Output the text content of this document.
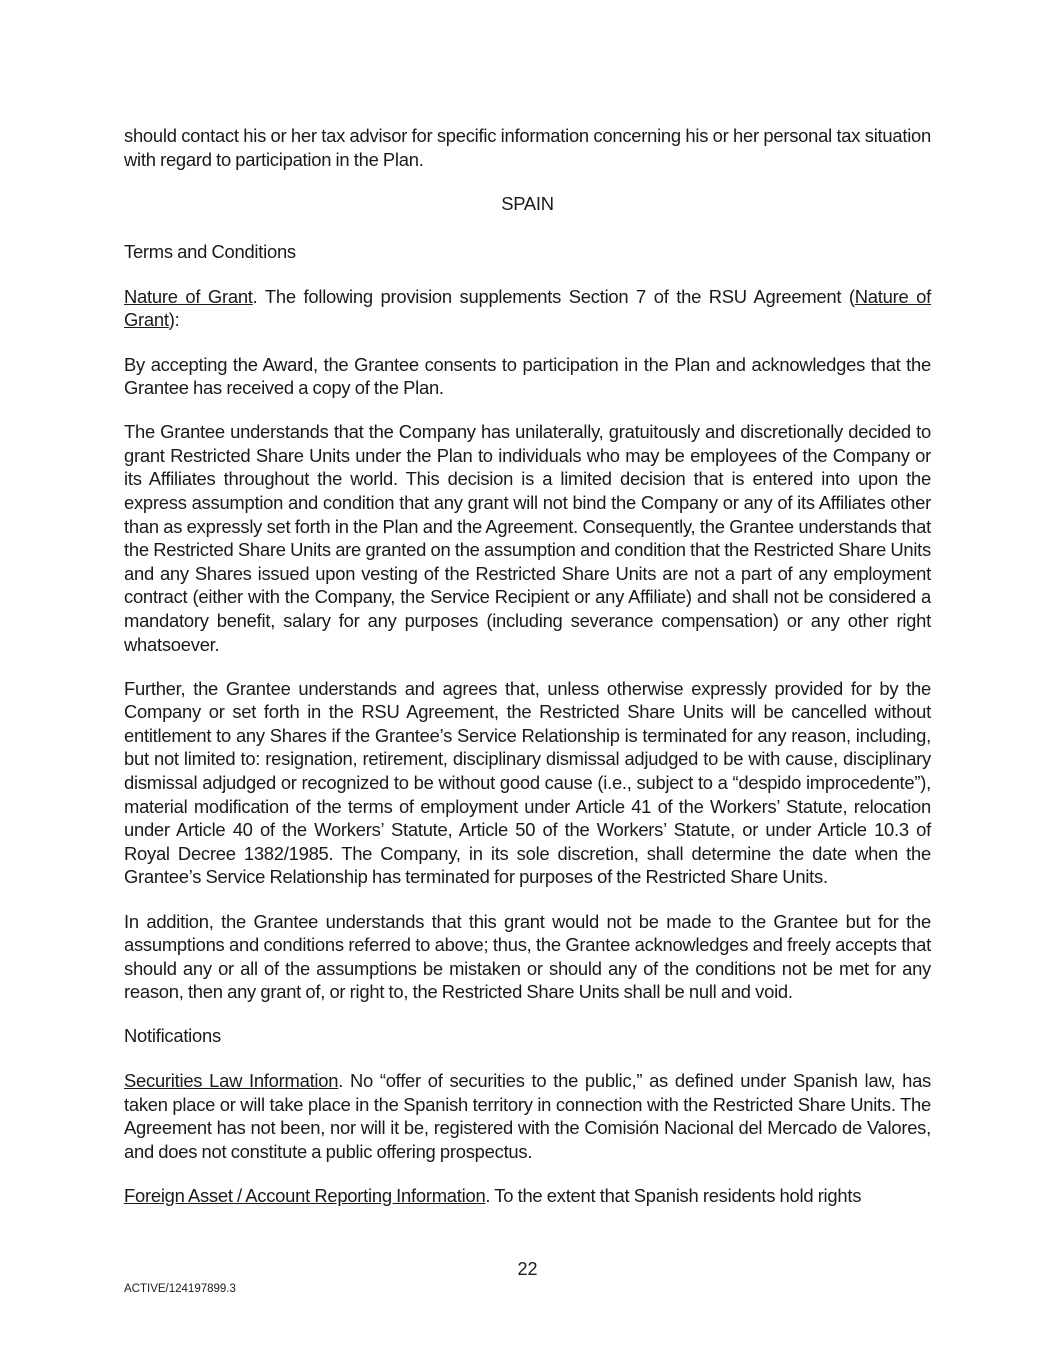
should contact his or her tax advisor for specific information concerning his or her personal tax situation with regard to participation in the Plan.

SPAIN

Terms and Conditions

Nature of Grant. The following provision supplements Section 7 of the RSU Agreement (Nature of Grant):

By accepting the Award, the Grantee consents to participation in the Plan and acknowledges that the Grantee has received a copy of the Plan.

The Grantee understands that the Company has unilaterally, gratuitously and discretionally decided to grant Restricted Share Units under the Plan to individuals who may be employees of the Company or its Affiliates throughout the world. This decision is a limited decision that is entered into upon the express assumption and condition that any grant will not bind the Company or any of its Affiliates other than as expressly set forth in the Plan and the Agreement. Consequently, the Grantee understands that the Restricted Share Units are granted on the assumption and condition that the Restricted Share Units and any Shares issued upon vesting of the Restricted Share Units are not a part of any employment contract (either with the Company, the Service Recipient or any Affiliate) and shall not be considered a mandatory benefit, salary for any purposes (including severance compensation) or any other right whatsoever.

Further, the Grantee understands and agrees that, unless otherwise expressly provided for by the Company or set forth in the RSU Agreement, the Restricted Share Units will be cancelled without entitlement to any Shares if the Grantee’s Service Relationship is terminated for any reason, including, but not limited to: resignation, retirement, disciplinary dismissal adjudged to be with cause, disciplinary dismissal adjudged or recognized to be without good cause (i.e., subject to a “despido improcedente”), material modification of the terms of employment under Article 41 of the Workers’ Statute, relocation under Article 40 of the Workers’ Statute, Article 50 of the Workers’ Statute, or under Article 10.3 of Royal Decree 1382/1985. The Company, in its sole discretion, shall determine the date when the Grantee’s Service Relationship has terminated for purposes of the Restricted Share Units.

In addition, the Grantee understands that this grant would not be made to the Grantee but for the assumptions and conditions referred to above; thus, the Grantee acknowledges and freely accepts that should any or all of the assumptions be mistaken or should any of the conditions not be met for any reason, then any grant of, or right to, the Restricted Share Units shall be null and void.

Notifications

Securities Law Information. No “offer of securities to the public,” as defined under Spanish law, has taken place or will take place in the Spanish territory in connection with the Restricted Share Units. The Agreement has not been, nor will it be, registered with the Comisión Nacional del Mercado de Valores, and does not constitute a public offering prospectus.

Foreign Asset / Account Reporting Information. To the extent that Spanish residents hold rights

22
ACTIVE/124197899.3
